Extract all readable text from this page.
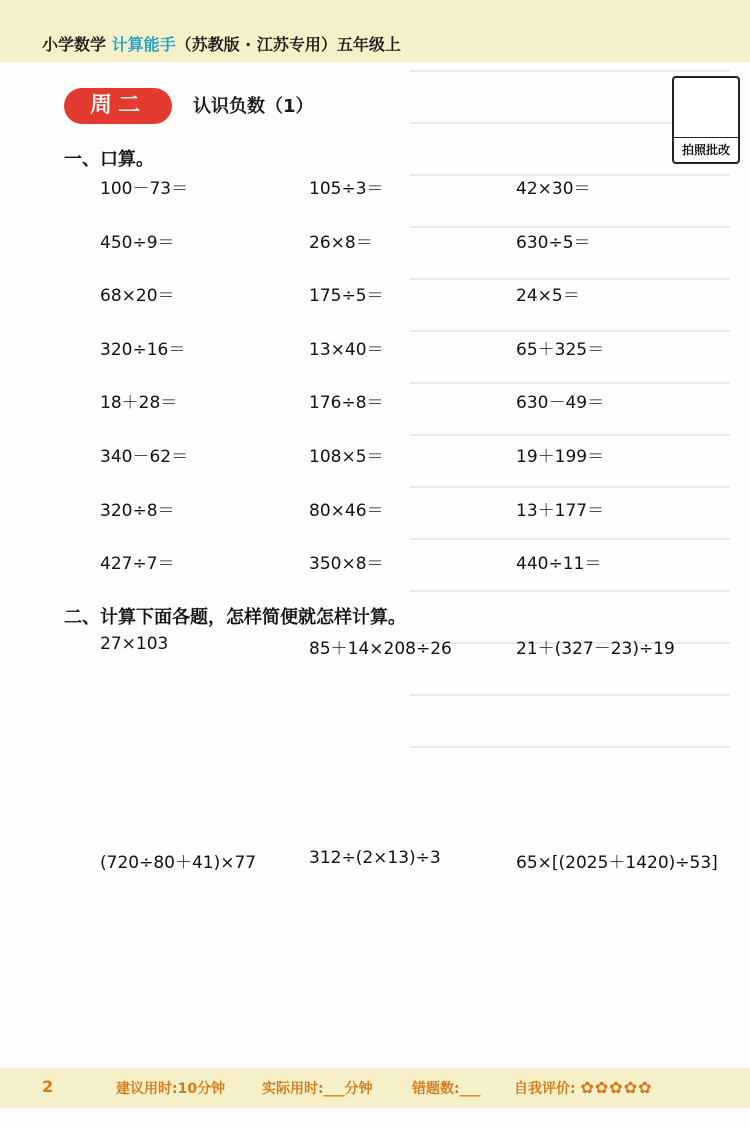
小学数学 计算能手（苏教版 · 江苏专用）五年级上
周二	认识负数（1）
拍照批改
一、口算。
100－73＝	105÷3＝	42×30＝
450÷9＝	26×8＝	630÷5＝
68×20＝	175÷5＝	24×5＝
320÷16＝	13×40＝	65＋325＝
18＋28＝	176÷8＝	630－49＝
340－62＝	108×5＝	19＋199＝
320÷8＝	80×46＝	13＋177＝
427÷7＝	350×8＝	440÷11＝
二、计算下面各题，怎样简便就怎样计算。
27×103	85＋14×208÷26	21＋(327－23)÷19
(720÷80＋41)×77	312÷(2×13)÷3	65×[(2025＋1420)÷53]
2	建议用时:10分钟	实际用时:___分钟	错题数:___ 自我评价: ✿✿✿✿✿
